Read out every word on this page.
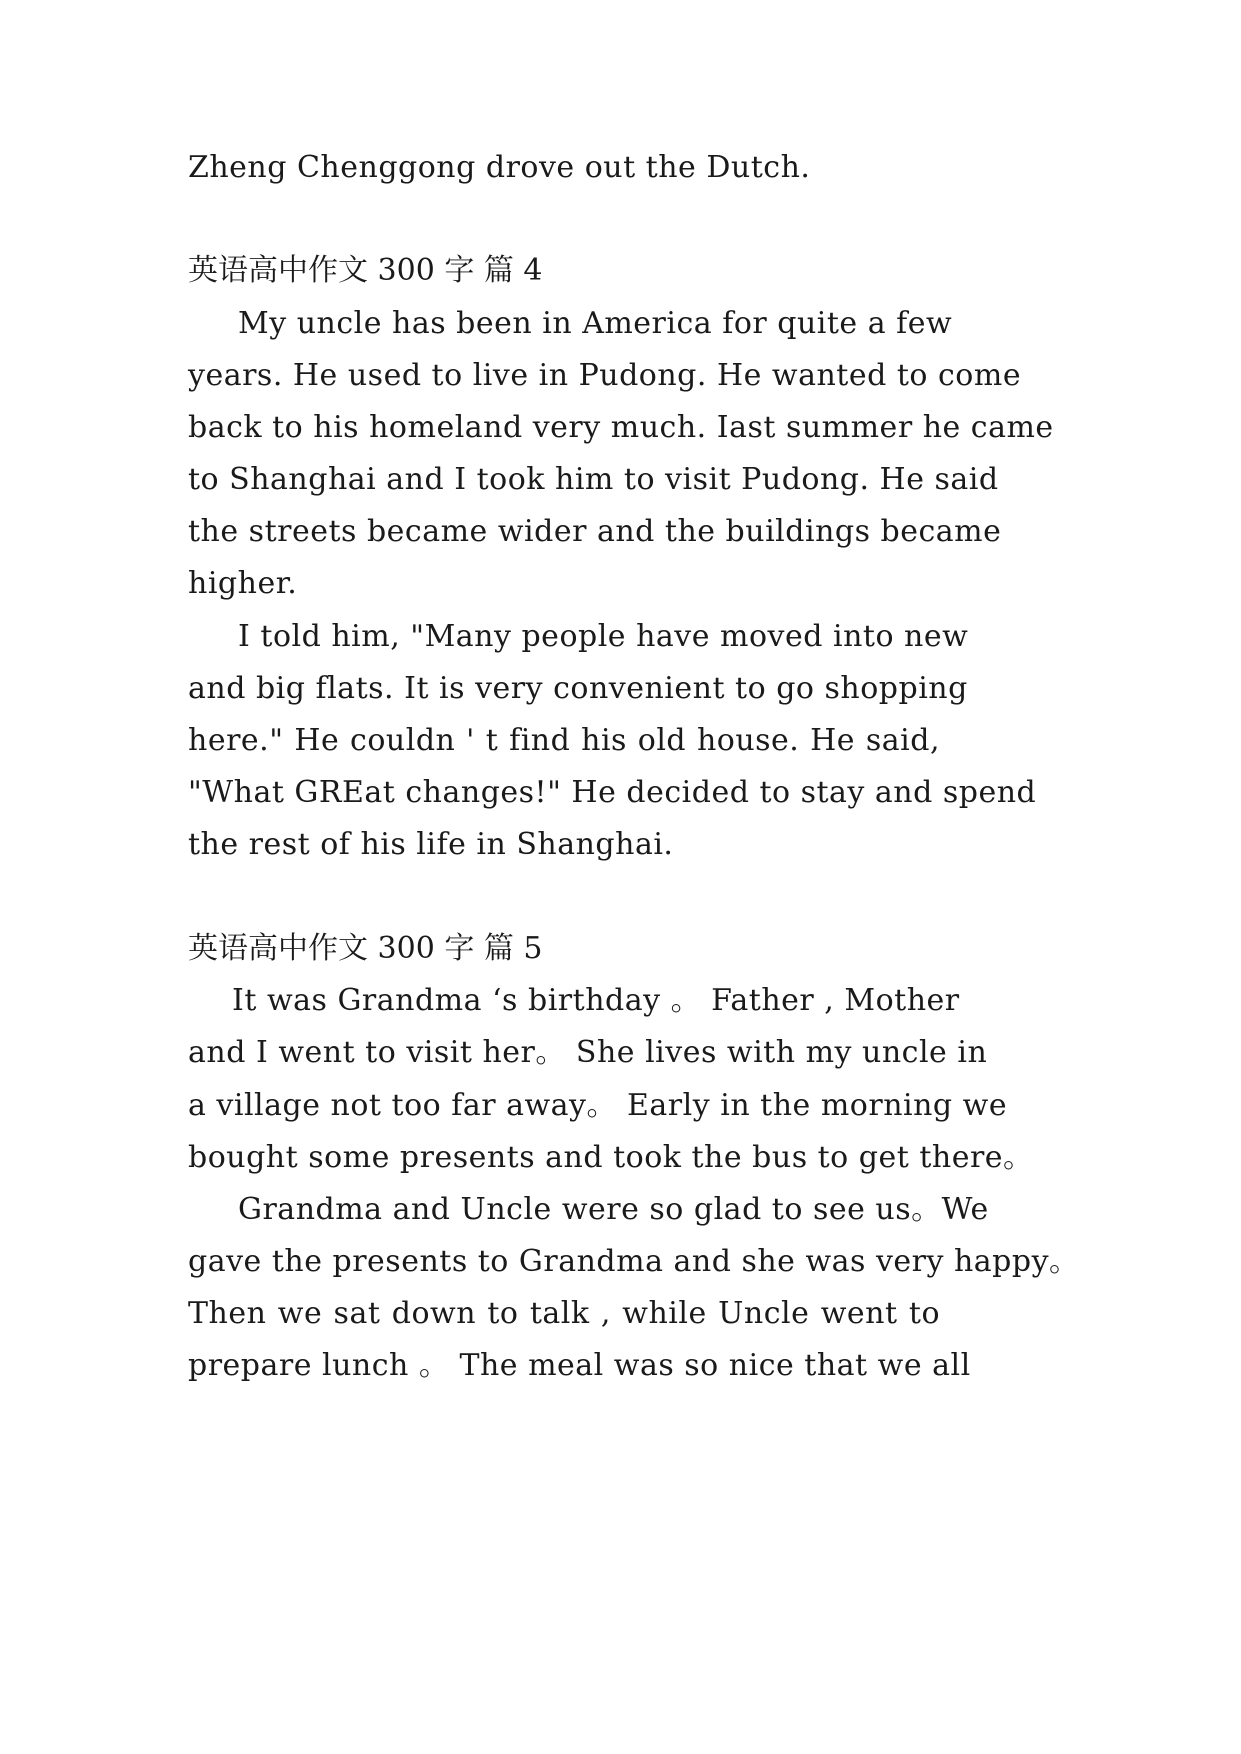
Zheng Chenggong drove out the Dutch.
英语高中作文 300 字 篇 4
My uncle has been in America for quite a few
years. He used to live in Pudong. He wanted to come
back to his homeland very much. Iast summer he came
to Shanghai and I took him to visit Pudong. He said
the streets became wider and the buildings became
higher.
I told him, "Many people have moved into new
and big flats. It is very convenient to go shopping
here." He couldn ' t find his old house. He said,
"What GREat changes!" He decided to stay and spend
the rest of his life in Shanghai.
英语高中作文 300 字 篇 5
It was Grandma ‘s birthday 。 Father , Mother
and I went to visit her。 She lives with my uncle in
a village not too far away。 Early in the morning we
bought some presents and took the bus to get there。
Grandma and Uncle were so glad to see us。We
gave the presents to Grandma and she was very happy。
Then we sat down to talk , while Uncle went to
prepare lunch 。 The meal was so nice that we all
